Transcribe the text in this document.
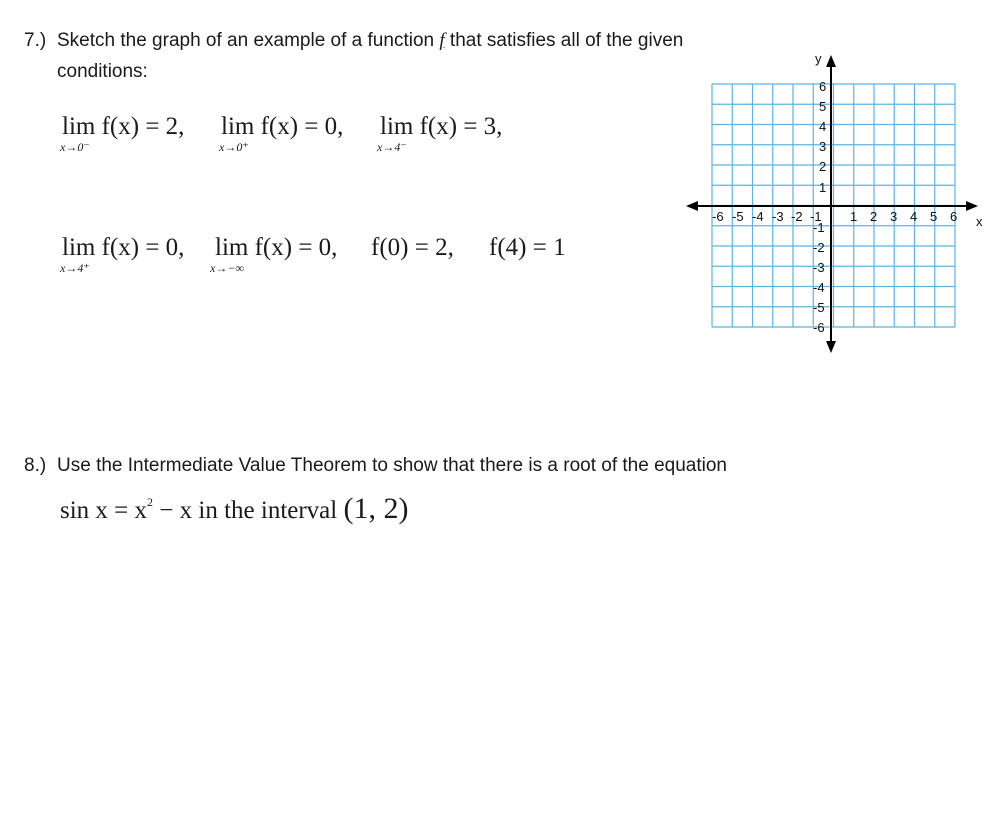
7.) Sketch the graph of an example of a function f that satisfies all of the given
conditions:
lim f(x) = 2,
x→0⁻
lim f(x) = 0,
x→0⁺
lim f(x) = 3,
x→4⁻
lim f(x) = 0,
x→4⁺
lim f(x) = 0,
x→−∞
f(0) = 2, f(4) = 1
x
y
-6 -5 -4 -3 -2 -1 1 2 3 4 5 6
6
5
4
3
2
1
-1
-2
-3
-4
-5
-6
8.) Use the Intermediate Value Theorem to show that there is a root of the equation
$\sin x = x^2 - x$ in the interval (1, 2)
